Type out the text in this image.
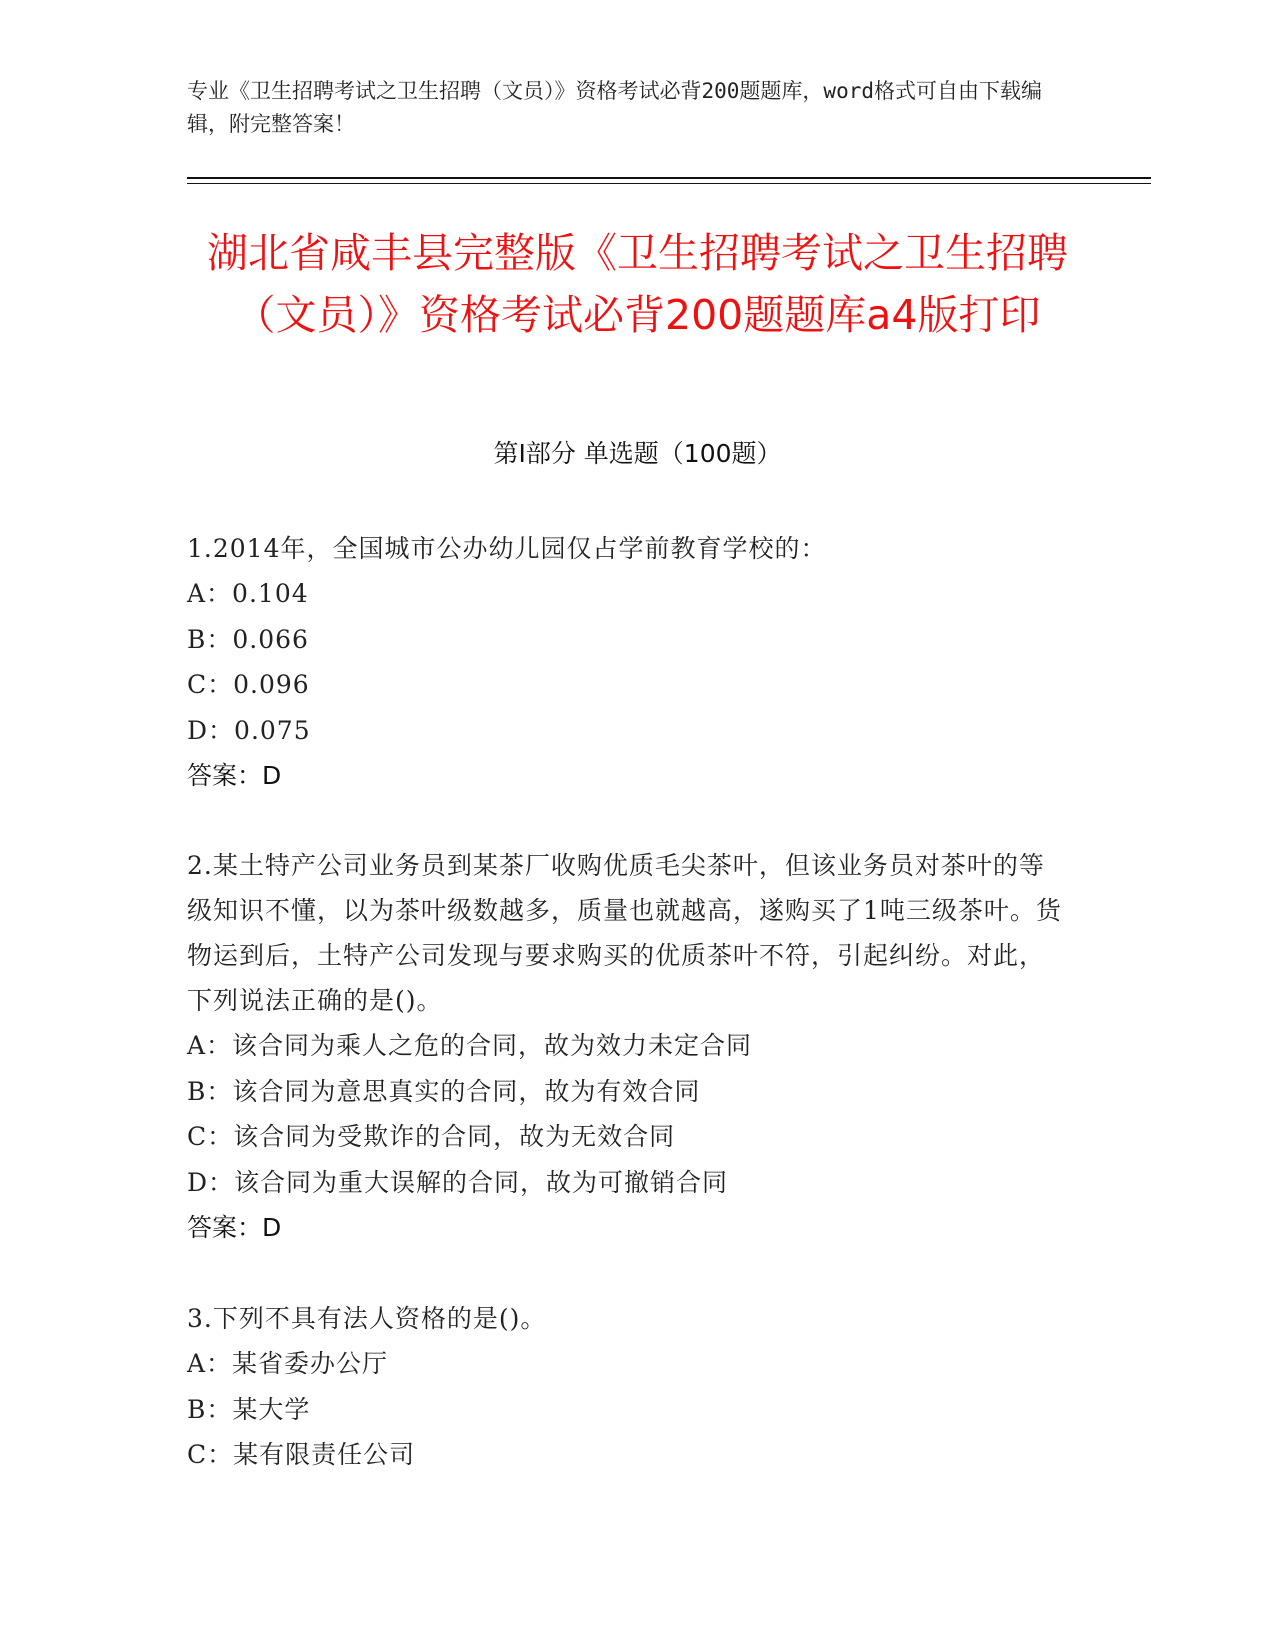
专业《卫生招聘考试之卫生招聘（文员）》资格考试必背200题题库，word格式可自由下载编辑，附完整答案！
湖北省咸丰县完整版《卫生招聘考试之卫生招聘（文员）》资格考试必背200题题库a4版打印
第Ⅰ部分 单选题（100题）
1.2014年，全国城市公办幼儿园仅占学前教育学校的：
A：0.104
B：0.066
C：0.096
D：0.075
答案：D
2.某土特产公司业务员到某茶厂收购优质毛尖茶叶，但该业务员对茶叶的等级知识不懂，以为茶叶级数越多，质量也就越高，遂购买了1吨三级茶叶。货物运到后，土特产公司发现与要求购买的优质茶叶不符，引起纠纷。对此，下列说法正确的是()。
A：该合同为乘人之危的合同，故为效力未定合同
B：该合同为意思真实的合同，故为有效合同
C：该合同为受欺诈的合同，故为无效合同
D：该合同为重大误解的合同，故为可撤销合同
答案：D
3.下列不具有法人资格的是()。
A：某省委办公厅
B：某大学
C：某有限责任公司
